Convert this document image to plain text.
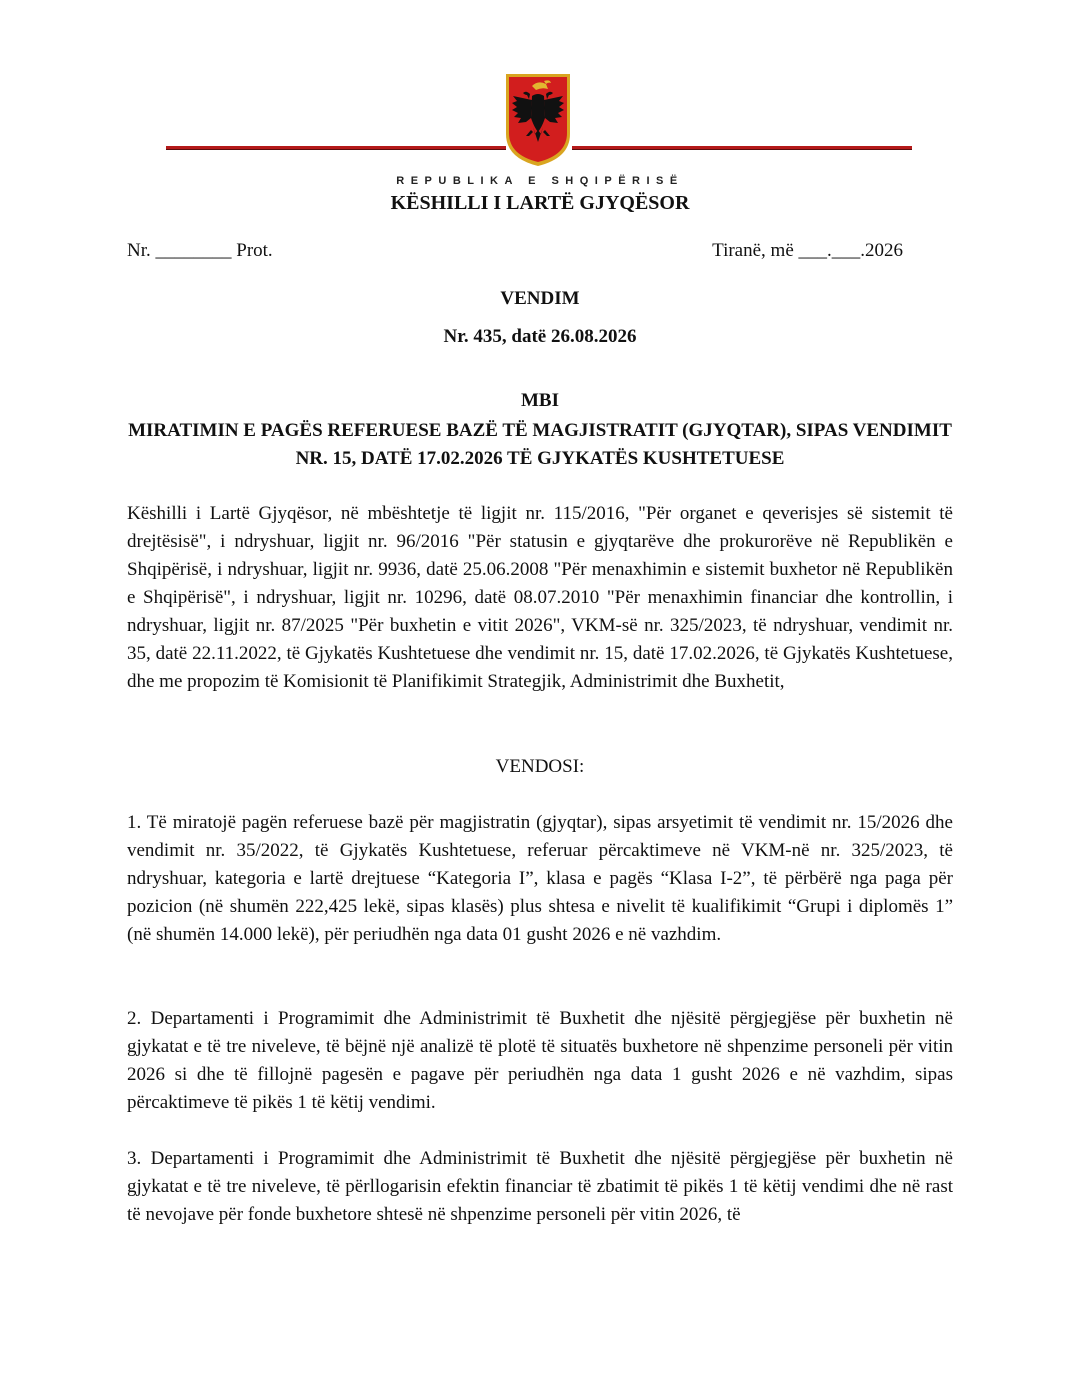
REPUBLIKA E SHQIPËRISË
KËSHILLI I LARTË GJYQËSOR
Nr. ________ Prot.	Tiranë, më ___.___.2026
VENDIM
Nr. 435, datë 26.08.2026
MBI
MIRATIMIN E PAGËS REFERUESE BAZË TË MAGJISTRATIT (GJYQTAR), SIPAS VENDIMIT NR. 15, DATË 17.02.2026 TË GJYKATËS KUSHTETUESE
Këshilli i Lartë Gjyqësor, në mbështetje të ligjit nr. 115/2016, "Për organet e qeverisjes së sistemit të drejtësisë", i ndryshuar, ligjit nr. 96/2016 "Për statusin e gjyqtarëve dhe prokurorëve në Republikën e Shqipërisë, i ndryshuar, ligjit nr. 9936, datë 25.06.2008 "Për menaxhimin e sistemit buxhetor në Republikën e Shqipërisë", i ndryshuar, ligjit nr. 10296, datë 08.07.2010 "Për menaxhimin financiar dhe kontrollin, i ndryshuar, ligjit nr. 87/2025 "Për buxhetin e vitit 2026", VKM-së nr. 325/2023, të ndryshuar, vendimit nr. 35, datë 22.11.2022, të Gjykatës Kushtetuese dhe vendimit nr. 15, datë 17.02.2026, të Gjykatës Kushtetuese, dhe me propozim të Komisionit të Planifikimit Strategjik, Administrimit dhe Buxhetit,
VENDOSI:
1. Të miratojë pagën referuese bazë për magjistratin (gjyqtar), sipas arsyetimit të vendimit nr. 15/2026 dhe vendimit nr. 35/2022, të Gjykatës Kushtetuese, referuar përcaktimeve në VKM-në nr. 325/2023, të ndryshuar, kategoria e lartë drejtuese “Kategoria I”, klasa e pagës “Klasa I-2”, të përbërë nga paga për pozicion (në shumën 222,425 lekë, sipas klasës) plus shtesa e nivelit të kualifikimit “Grupi i diplomës 1” (në shumën 14.000 lekë), për periudhën nga data 01 gusht 2026 e në vazhdim.
2. Departamenti i Programimit dhe Administrimit të Buxhetit dhe njësitë përgjegjëse për buxhetin në gjykatat e të tre niveleve, të bëjnë një analizë të plotë të situatës buxhetore në shpenzime personeli për vitin 2026 si dhe të fillojnë pagesën e pagave për periudhën nga data 1 gusht 2026 e në vazhdim, sipas përcaktimeve të pikës 1 të këtij vendimi.
3. Departamenti i Programimit dhe Administrimit të Buxhetit dhe njësitë përgjegjëse për buxhetin në gjykatat e të tre niveleve, të përllogarisin efektin financiar të zbatimit të pikës 1 të këtij vendimi dhe në rast të nevojave për fonde buxhetore shtesë në shpenzime personeli për vitin 2026, të
